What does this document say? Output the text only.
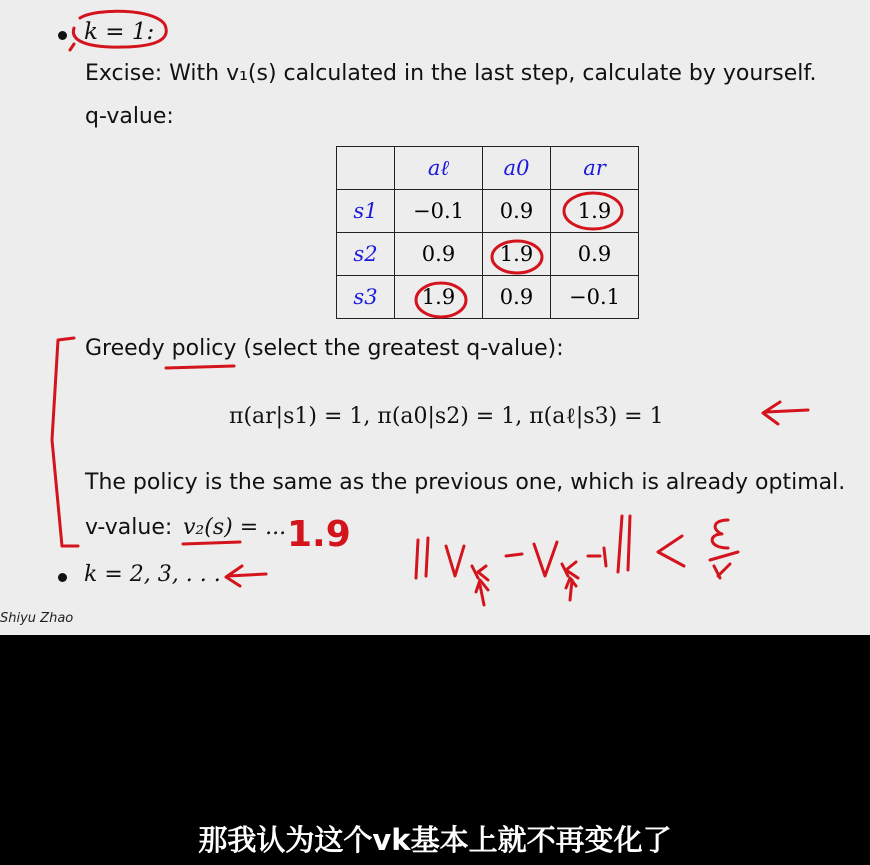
k = 1:
Excise: With v₁(s) calculated in the last step, calculate by yourself.
q-value:
	aℓ	a0	ar
s1	−0.1	0.9	1.9
s2	0.9	1.9	0.9
s3	1.9	0.9	−0.1
Greedy policy (select the greatest q-value):
π(ar|s1) = 1, π(a0|s2) = 1, π(aℓ|s3) = 1
The policy is the same as the previous one, which is already optimal.
v-value: v₂(s) = ...
k = 2, 3, . . .
Shiyu Zhao
1.9
||Vk − Vk−1|| < ε
那我认为这个vk基本上就不再变化了
